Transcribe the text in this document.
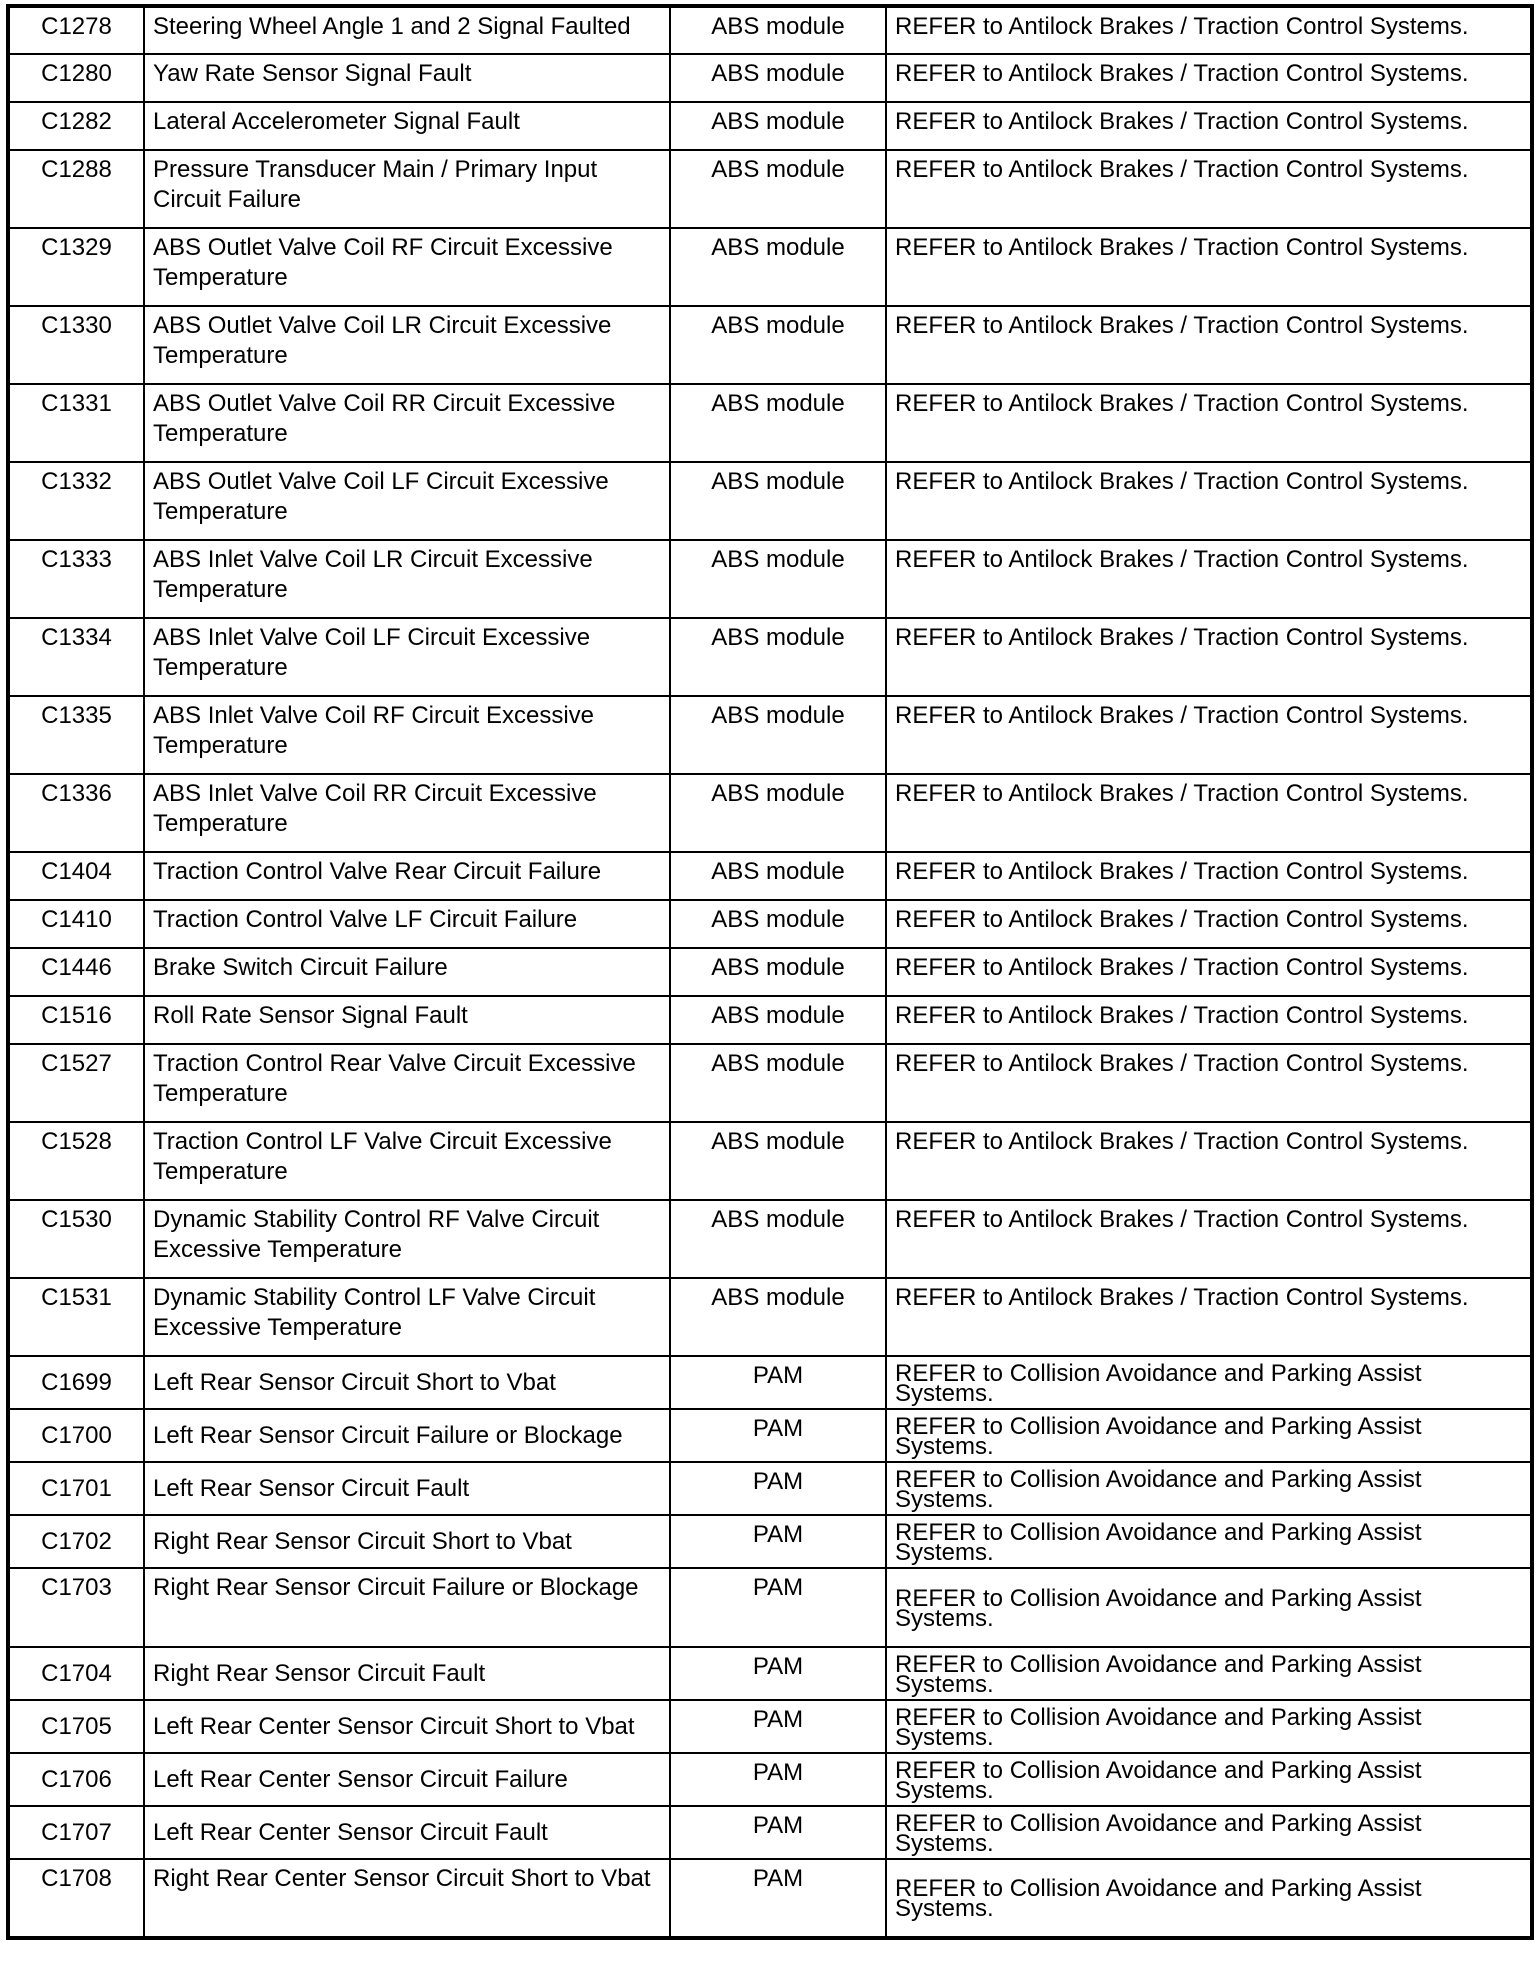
C1278	Steering Wheel Angle 1 and 2 Signal Faulted	ABS module	REFER to Antilock Brakes / Traction Control Systems.
C1280	Yaw Rate Sensor Signal Fault	ABS module	REFER to Antilock Brakes / Traction Control Systems.
C1282	Lateral Accelerometer Signal Fault	ABS module	REFER to Antilock Brakes / Traction Control Systems.
C1288	Pressure Transducer Main / Primary Input Circuit Failure	ABS module	REFER to Antilock Brakes / Traction Control Systems.
C1329	ABS Outlet Valve Coil RF Circuit Excessive Temperature	ABS module	REFER to Antilock Brakes / Traction Control Systems.
C1330	ABS Outlet Valve Coil LR Circuit Excessive Temperature	ABS module	REFER to Antilock Brakes / Traction Control Systems.
C1331	ABS Outlet Valve Coil RR Circuit Excessive Temperature	ABS module	REFER to Antilock Brakes / Traction Control Systems.
C1332	ABS Outlet Valve Coil LF Circuit Excessive Temperature	ABS module	REFER to Antilock Brakes / Traction Control Systems.
C1333	ABS Inlet Valve Coil LR Circuit Excessive Temperature	ABS module	REFER to Antilock Brakes / Traction Control Systems.
C1334	ABS Inlet Valve Coil LF Circuit Excessive Temperature	ABS module	REFER to Antilock Brakes / Traction Control Systems.
C1335	ABS Inlet Valve Coil RF Circuit Excessive Temperature	ABS module	REFER to Antilock Brakes / Traction Control Systems.
C1336	ABS Inlet Valve Coil RR Circuit Excessive Temperature	ABS module	REFER to Antilock Brakes / Traction Control Systems.
C1404	Traction Control Valve Rear Circuit Failure	ABS module	REFER to Antilock Brakes / Traction Control Systems.
C1410	Traction Control Valve LF Circuit Failure	ABS module	REFER to Antilock Brakes / Traction Control Systems.
C1446	Brake Switch Circuit Failure	ABS module	REFER to Antilock Brakes / Traction Control Systems.
C1516	Roll Rate Sensor Signal Fault	ABS module	REFER to Antilock Brakes / Traction Control Systems.
C1527	Traction Control Rear Valve Circuit Excessive Temperature	ABS module	REFER to Antilock Brakes / Traction Control Systems.
C1528	Traction Control LF Valve Circuit Excessive Temperature	ABS module	REFER to Antilock Brakes / Traction Control Systems.
C1530	Dynamic Stability Control RF Valve Circuit Excessive Temperature	ABS module	REFER to Antilock Brakes / Traction Control Systems.
C1531	Dynamic Stability Control LF Valve Circuit Excessive Temperature	ABS module	REFER to Antilock Brakes / Traction Control Systems.
C1699	Left Rear Sensor Circuit Short to Vbat	PAM	REFER to Collision Avoidance and Parking Assist Systems.
C1700	Left Rear Sensor Circuit Failure or Blockage	PAM	REFER to Collision Avoidance and Parking Assist Systems.
C1701	Left Rear Sensor Circuit Fault	PAM	REFER to Collision Avoidance and Parking Assist Systems.
C1702	Right Rear Sensor Circuit Short to Vbat	PAM	REFER to Collision Avoidance and Parking Assist Systems.
C1703	Right Rear Sensor Circuit Failure or Blockage	PAM	REFER to Collision Avoidance and Parking Assist Systems.
C1704	Right Rear Sensor Circuit Fault	PAM	REFER to Collision Avoidance and Parking Assist Systems.
C1705	Left Rear Center Sensor Circuit Short to Vbat	PAM	REFER to Collision Avoidance and Parking Assist Systems.
C1706	Left Rear Center Sensor Circuit Failure	PAM	REFER to Collision Avoidance and Parking Assist Systems.
C1707	Left Rear Center Sensor Circuit Fault	PAM	REFER to Collision Avoidance and Parking Assist Systems.
C1708	Right Rear Center Sensor Circuit Short to Vbat	PAM	REFER to Collision Avoidance and Parking Assist Systems.
